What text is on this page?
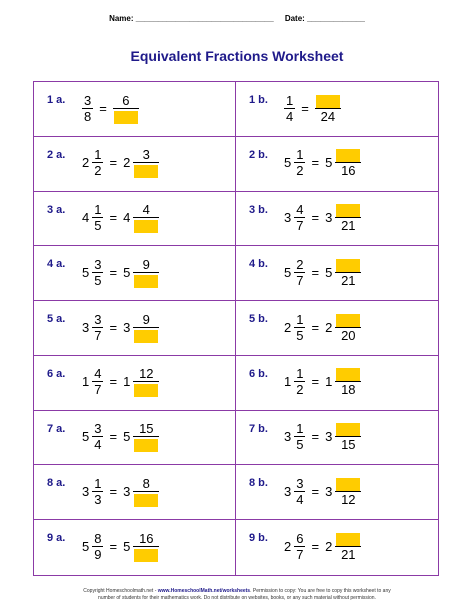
Name: _______________________________ Date: _____________
Equivalent Fractions Worksheet
1 a. $\frac{3}{8}$ =
6	1 b. $\frac{1}{4}$ =
24
2 a.
$2 \frac{1}{2} = 2$
3	2 b.
$5 \frac{1}{2} = 5$
16
3 a.
$4 \frac{1}{5} = 4$
4	3 b.
$3 \frac{4}{7} = 3$
21
4 a.
$5 \frac{3}{5} = 5$
9	4 b.
$5 \frac{2}{7} = 5$
21
5 a.
$3 \frac{3}{7} = 3$
9	5 b.
$2 \frac{1}{5} = 2$
20
6 a.
$1 \frac{4}{7} = 1$
12	6 b.
$1 \frac{1}{2} = 1$
18
7 a.
$5 \frac{3}{4} = 5$
15	7 b.
$3 \frac{1}{5} = 3$
15
8 a.
$3 \frac{1}{3} = 3$
8	8 b.
$3 \frac{3}{4} = 3$
12
9 a.
$5 \frac{8}{9} = 5$
16	9 b.
$2 \frac{6}{7} = 2$
21
Copyright Homeschoolmath.net - www.HomeschoolMath.net/worksheets. Permission to copy: You are free to copy this worksheet to any
number of students for their mathematics work. Do not distribute on websites, books, or any such material without permission.
